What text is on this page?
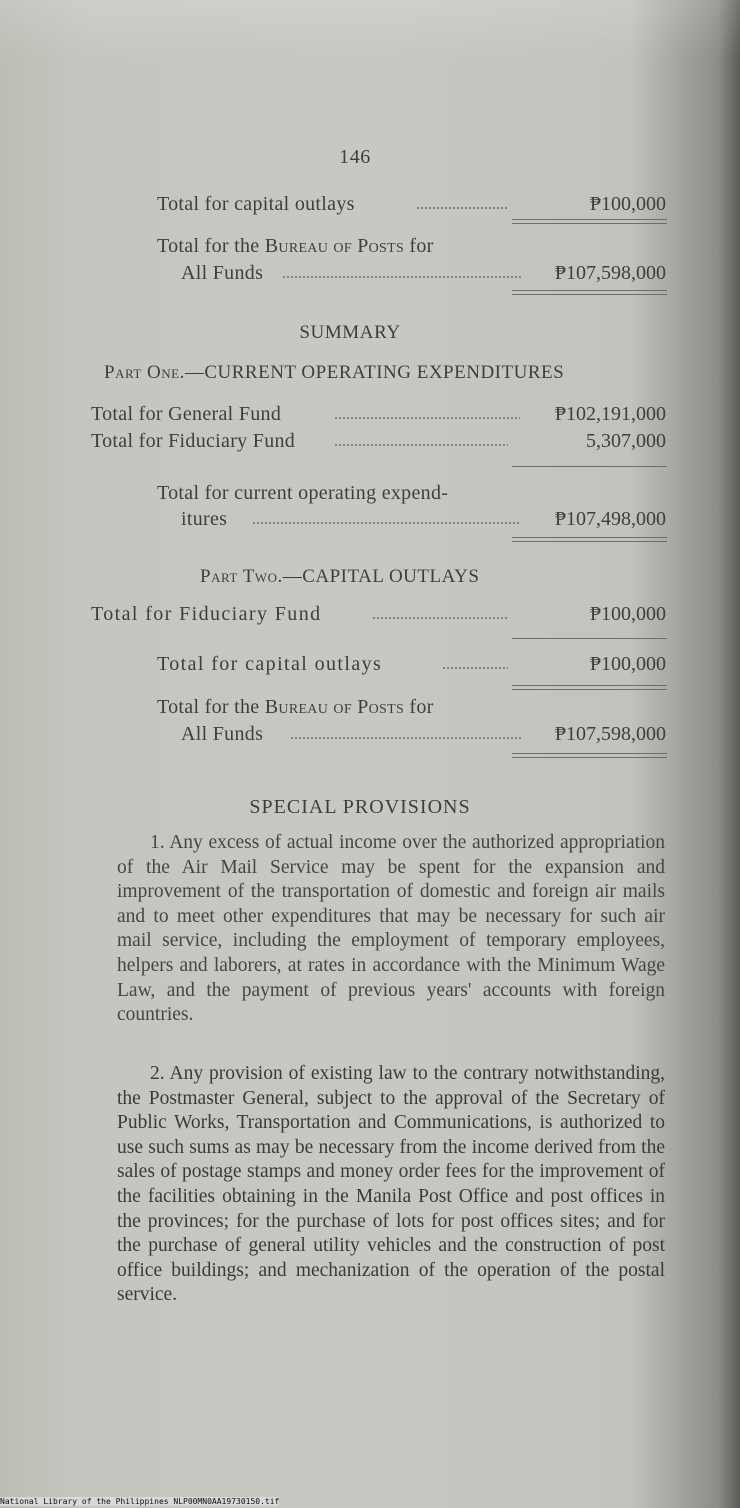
146
Total for capital outlays	₱100,000
Total for the Bureau of Posts for
All Funds	₱107,598,000
SUMMARY
Part One.—CURRENT OPERATING EXPENDITURES
Total for General Fund	₱102,191,000
Total for Fiduciary Fund	5,307,000
Total for current operating expend-
itures	₱107,498,000
Part Two.—CAPITAL OUTLAYS
Total for Fiduciary Fund	₱100,000
Total for capital outlays	₱100,000
Total for the Bureau of Posts for
All Funds	₱107,598,000
SPECIAL PROVISIONS
1. Any excess of actual income over the authorized appropriation of the Air Mail Service may be spent for the expansion and improvement of the transportation of domestic and foreign air mails and to meet other expenditures that may be necessary for such air mail service, including the employment of temporary employees, helpers and laborers, at rates in accordance with the Minimum Wage Law, and the payment of previous years' accounts with foreign countries.
2. Any provision of existing law to the contrary notwithstanding, the Postmaster General, subject to the approval of the Secretary of Public Works, Transportation and Communications, is authorized to use such sums as may be necessary from the income derived from the sales of postage stamps and money order fees for the improvement of the facilities obtaining in the Manila Post Office and post offices in the provinces; for the purchase of lots for post offices sites; and for the purchase of general utility vehicles and the construction of post office buildings; and mechanization of the operation of the postal service.
National Library of the Philippines NLP00MN0AA19730150.tif
